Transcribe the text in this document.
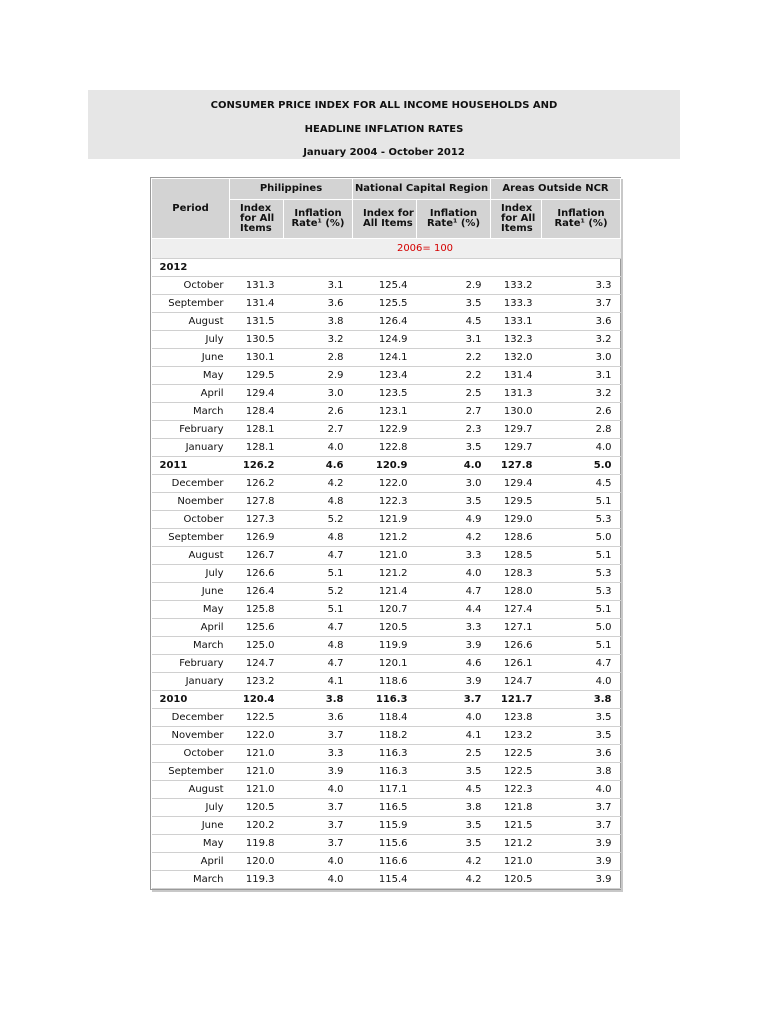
CONSUMER PRICE INDEX FOR ALL INCOME HOUSEHOLDS AND
HEADLINE INFLATION RATES
January 2004 - October 2012
Period	Philippines		National Capital Region		Areas Outside NCR	
	Index for All Items	Inflation Rate¹ (%)	Index for All Items	Inflation Rate¹ (%)	Index for All Items	Inflation Rate¹ (%)
	2006= 100					
2012						
October	131.3	3.1	125.4	2.9	133.2	3.3
September	131.4	3.6	125.5	3.5	133.3	3.7
August	131.5	3.8	126.4	4.5	133.1	3.6
July	130.5	3.2	124.9	3.1	132.3	3.2
June	130.1	2.8	124.1	2.2	132.0	3.0
May	129.5	2.9	123.4	2.2	131.4	3.1
April	129.4	3.0	123.5	2.5	131.3	3.2
March	128.4	2.6	123.1	2.7	130.0	2.6
February	128.1	2.7	122.9	2.3	129.7	2.8
January	128.1	4.0	122.8	3.5	129.7	4.0
2011	126.2	4.6	120.9	4.0	127.8	5.0
December	126.2	4.2	122.0	3.0	129.4	4.5
Noember	127.8	4.8	122.3	3.5	129.5	5.1
October	127.3	5.2	121.9	4.9	129.0	5.3
September	126.9	4.8	121.2	4.2	128.6	5.0
August	126.7	4.7	121.0	3.3	128.5	5.1
July	126.6	5.1	121.2	4.0	128.3	5.3
June	126.4	5.2	121.4	4.7	128.0	5.3
May	125.8	5.1	120.7	4.4	127.4	5.1
April	125.6	4.7	120.5	3.3	127.1	5.0
March	125.0	4.8	119.9	3.9	126.6	5.1
February	124.7	4.7	120.1	4.6	126.1	4.7
January	123.2	4.1	118.6	3.9	124.7	4.0
2010	120.4	3.8	116.3	3.7	121.7	3.8
December	122.5	3.6	118.4	4.0	123.8	3.5
November	122.0	3.7	118.2	4.1	123.2	3.5
October	121.0	3.3	116.3	2.5	122.5	3.6
September	121.0	3.9	116.3	3.5	122.5	3.8
August	121.0	4.0	117.1	4.5	122.3	4.0
July	120.5	3.7	116.5	3.8	121.8	3.7
June	120.2	3.7	115.9	3.5	121.5	3.7
May	119.8	3.7	115.6	3.5	121.2	3.9
April	120.0	4.0	116.6	4.2	121.0	3.9
March	119.3	4.0	115.4	4.2	120.5	3.9
